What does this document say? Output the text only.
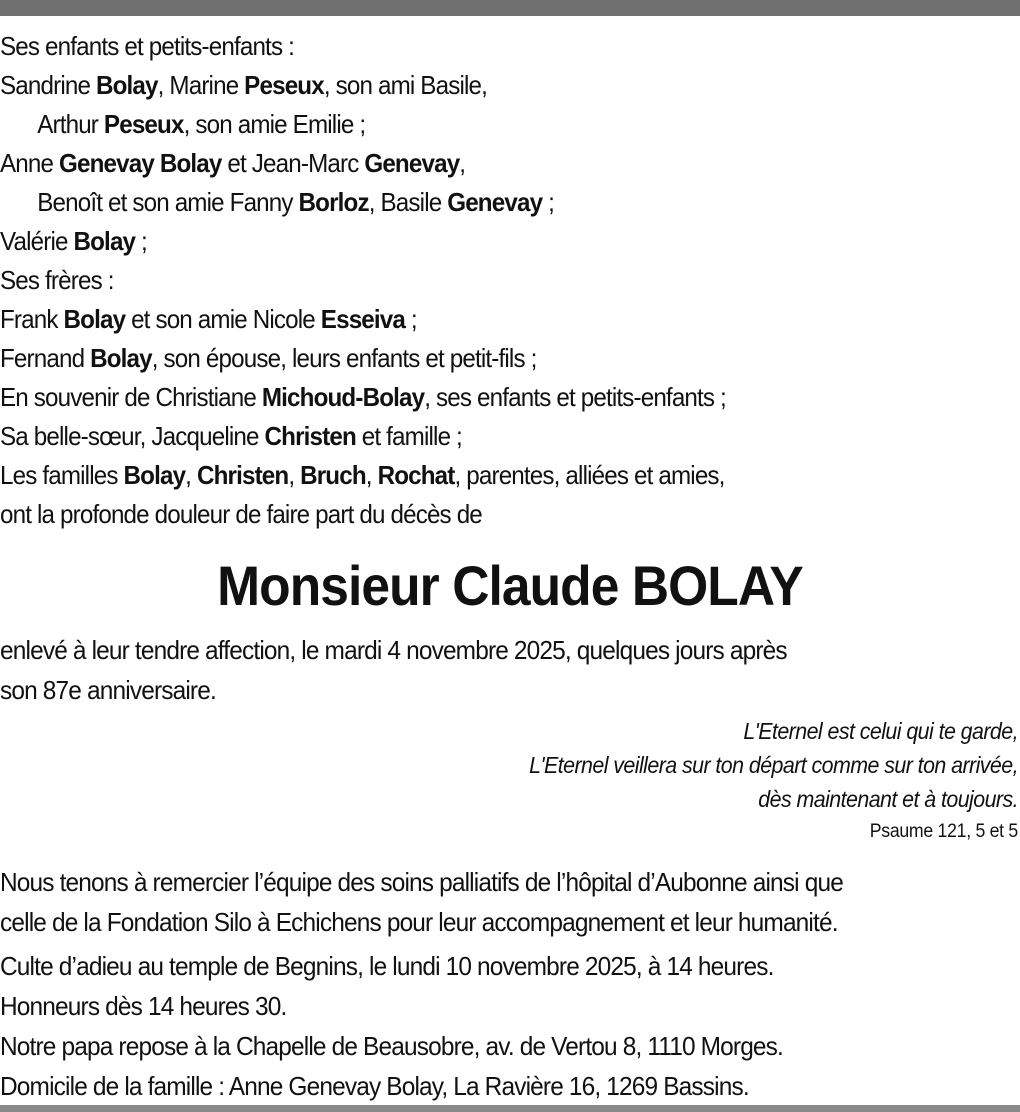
Ses enfants et petits-enfants :
Sandrine Bolay, Marine Peseux, son ami Basile,
Arthur Peseux, son amie Emilie ;
Anne Genevay Bolay et Jean-Marc Genevay,
Benoît et son amie Fanny Borloz, Basile Genevay ;
Valérie Bolay ;
Ses frères :
Frank Bolay et son amie Nicole Esseiva ;
Fernand Bolay, son épouse, leurs enfants et petit-fils ;
En souvenir de Christiane Michoud-Bolay, ses enfants et petits-enfants ;
Sa belle-sœur, Jacqueline Christen et famille ;
Les familles Bolay, Christen, Bruch, Rochat, parentes, alliées et amies,
ont la profonde douleur de faire part du décès de
Monsieur Claude BOLAY
enlevé à leur tendre affection, le mardi 4 novembre 2025, quelques jours après
son 87e anniversaire.
L'Eternel est celui qui te garde,
L'Eternel veillera sur ton départ comme sur ton arrivée,
dès maintenant et à toujours.
Psaume 121, 5 et 5
Nous tenons à remercier l’équipe des soins palliatifs de l’hôpital d’Aubonne ainsi que
celle de la Fondation Silo à Echichens pour leur accompagnement et leur humanité.
Culte d’adieu au temple de Begnins, le lundi 10 novembre 2025, à 14 heures.
Honneurs dès 14 heures 30.
Notre papa repose à la Chapelle de Beausobre, av. de Vertou 8, 1110 Morges.
Domicile de la famille : Anne Genevay Bolay, La Ravière 16, 1269 Bassins.
